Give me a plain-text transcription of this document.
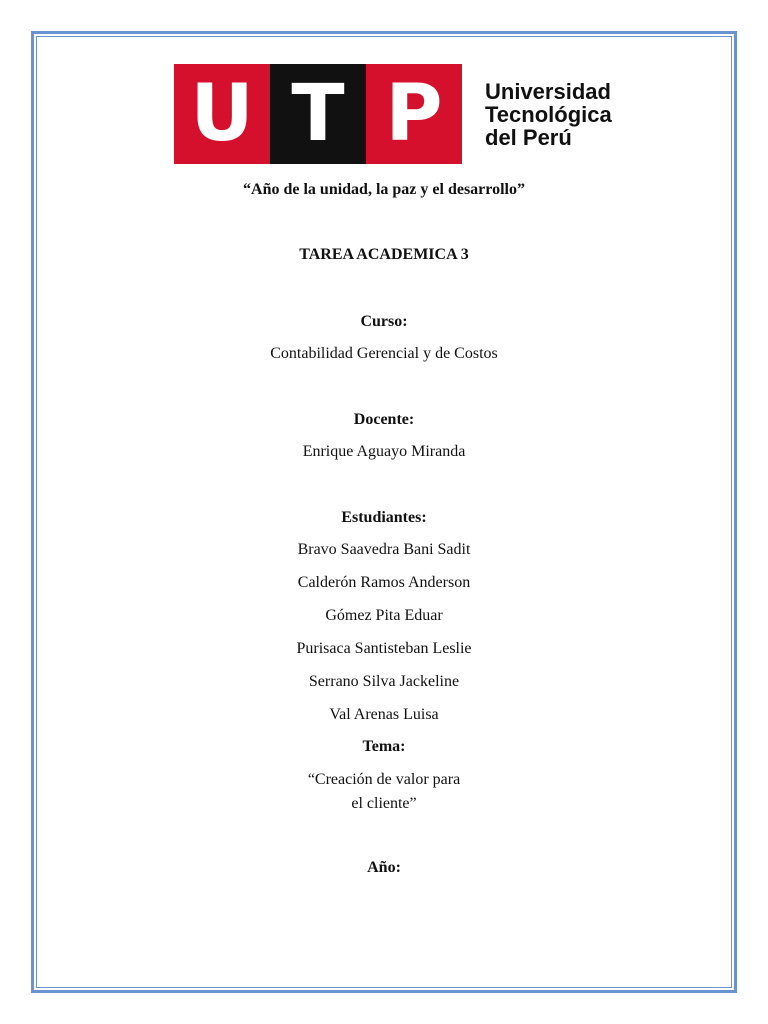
U T P	Universidad
Tecnológica
del Perú
“Año de la unidad, la paz y el desarrollo”
TAREA ACADEMICA 3
Curso:
Contabilidad Gerencial y de Costos
Docente:
Enrique Aguayo Miranda
Estudiantes:
Bravo Saavedra Bani Sadit
Calderón Ramos Anderson
Gómez Pita Eduar
Purisaca Santisteban Leslie
Serrano Silva Jackeline
Val Arenas Luisa
Tema:
“Creación de valor para
el cliente”
Año:
